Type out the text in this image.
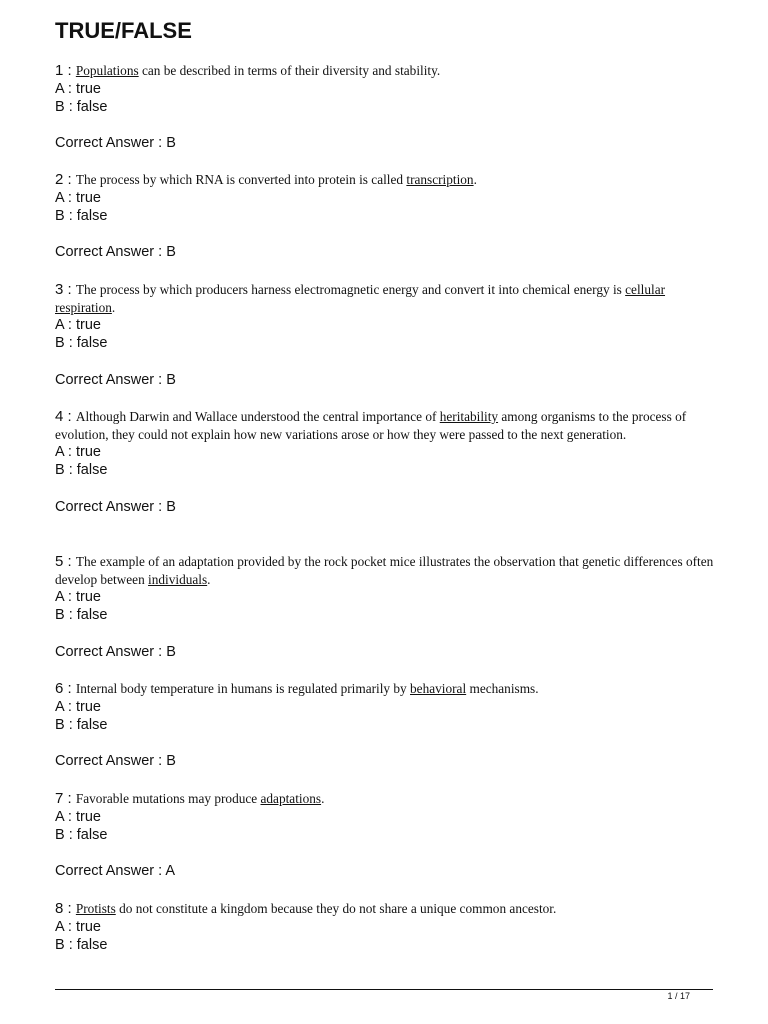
TRUE/FALSE
1 : Populations can be described in terms of their diversity and stability.
A : true
B : false
Correct Answer : B
2 : The process by which RNA is converted into protein is called transcription.
A : true
B : false
Correct Answer : B
3 : The process by which producers harness electromagnetic energy and convert it into chemical energy is cellular respiration.
A : true
B : false
Correct Answer : B
4 : Although Darwin and Wallace understood the central importance of heritability among organisms to the process of evolution, they could not explain how new variations arose or how they were passed to the next generation.
A : true
B : false
Correct Answer : B
5 : The example of an adaptation provided by the rock pocket mice illustrates the observation that genetic differences often develop between individuals.
A : true
B : false
Correct Answer : B
6 : Internal body temperature in humans is regulated primarily by behavioral mechanisms.
A : true
B : false
Correct Answer : B
7 : Favorable mutations may produce adaptations.
A : true
B : false
Correct Answer : A
8 : Protists do not constitute a kingdom because they do not share a unique common ancestor.
A : true
B : false
1 / 17
